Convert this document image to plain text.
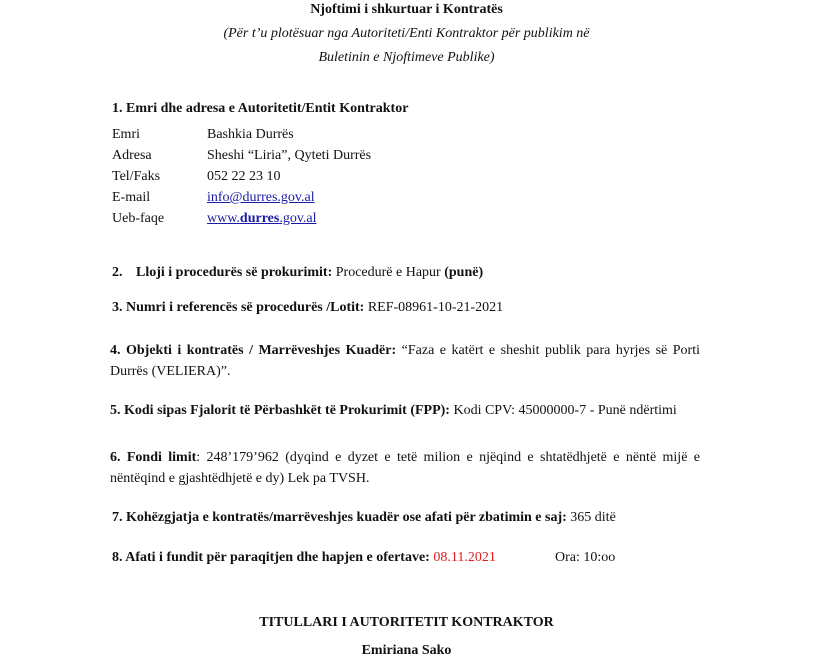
Njoftimi i shkurtuar i Kontratës
(Për t’u plotësuar nga Autoriteti/Enti Kontraktor për publikim në
Buletinin e Njoftimeve Publike)
1. Emri dhe adresa e Autoritetit/Entit Kontraktor
Emri	Bashkia Durrës
Adresa	Sheshi “Liria”, Qyteti Durrës
Tel/Faks	052 22 23 10
E-mail	info@durres.gov.al
Ueb-faqe	www.durres.gov.al
2. Lloji i procedurës së prokurimit: Procedurë e Hapur (punë)
3. Numri i referencës së procedurës /Lotit: REF-08961-10-21-2021
4. Objekti i kontratës / Marrëveshjes Kuadër: “Faza e katërt e sheshit publik para hyrjes së Porti Durrës (VELIERA)”.
5. Kodi sipas Fjalorit të Përbashkët të Prokurimit (FPP): Kodi CPV: 45000000-7 - Punë ndërtimi
6. Fondi limit: 248’179’962 (dyqind e dyzet e tetë milion e njëqind e shtatëdhjetë e nëntë mijë e nëntëqind e gjashtëdhjetë e dy) Lek pa TVSH.
7. Kohëzgjatja e kontratës/marrëveshjes kuadër ose afati për zbatimin e saj: 365 ditë
8. Afati i fundit për paraqitjen dhe hapjen e ofertave: 08.11.2021	Ora: 10:oo
TITULLARI I AUTORITETIT KONTRAKTOR
Emiriana Sako
